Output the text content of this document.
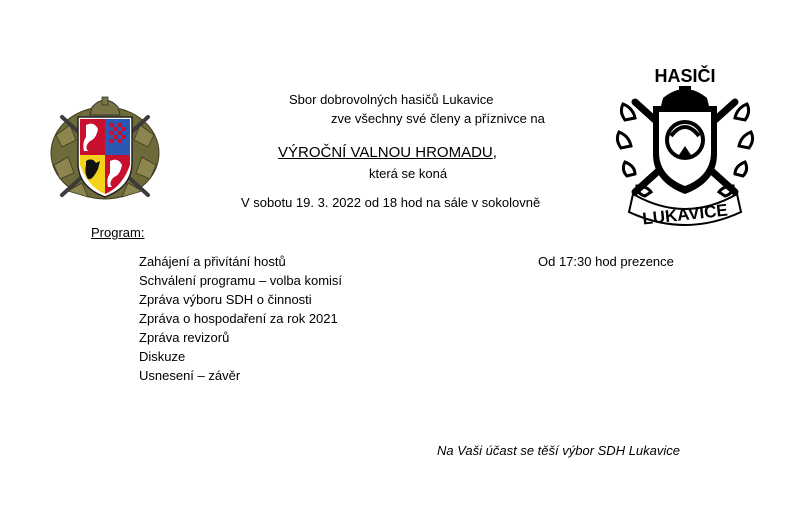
HASIČI
LUKAVICE
Sbor dobrovolných hasičů Lukavice
zve všechny své členy a příznivce na
VÝROČNÍ VALNOU HROMADU,
která se koná
V sobotu 19. 3. 2022 od 18 hod na sále v sokolovně
Program:
Zahájení a přivítání hostů
Schválení programu – volba komisí
Zpráva výboru SDH o činnosti
Zpráva o hospodaření za rok 2021
Zpráva revizorů
Diskuze
Usnesení – závěr
Od 17:30 hod prezence
Na Vaši účast se těší výbor SDH Lukavice
